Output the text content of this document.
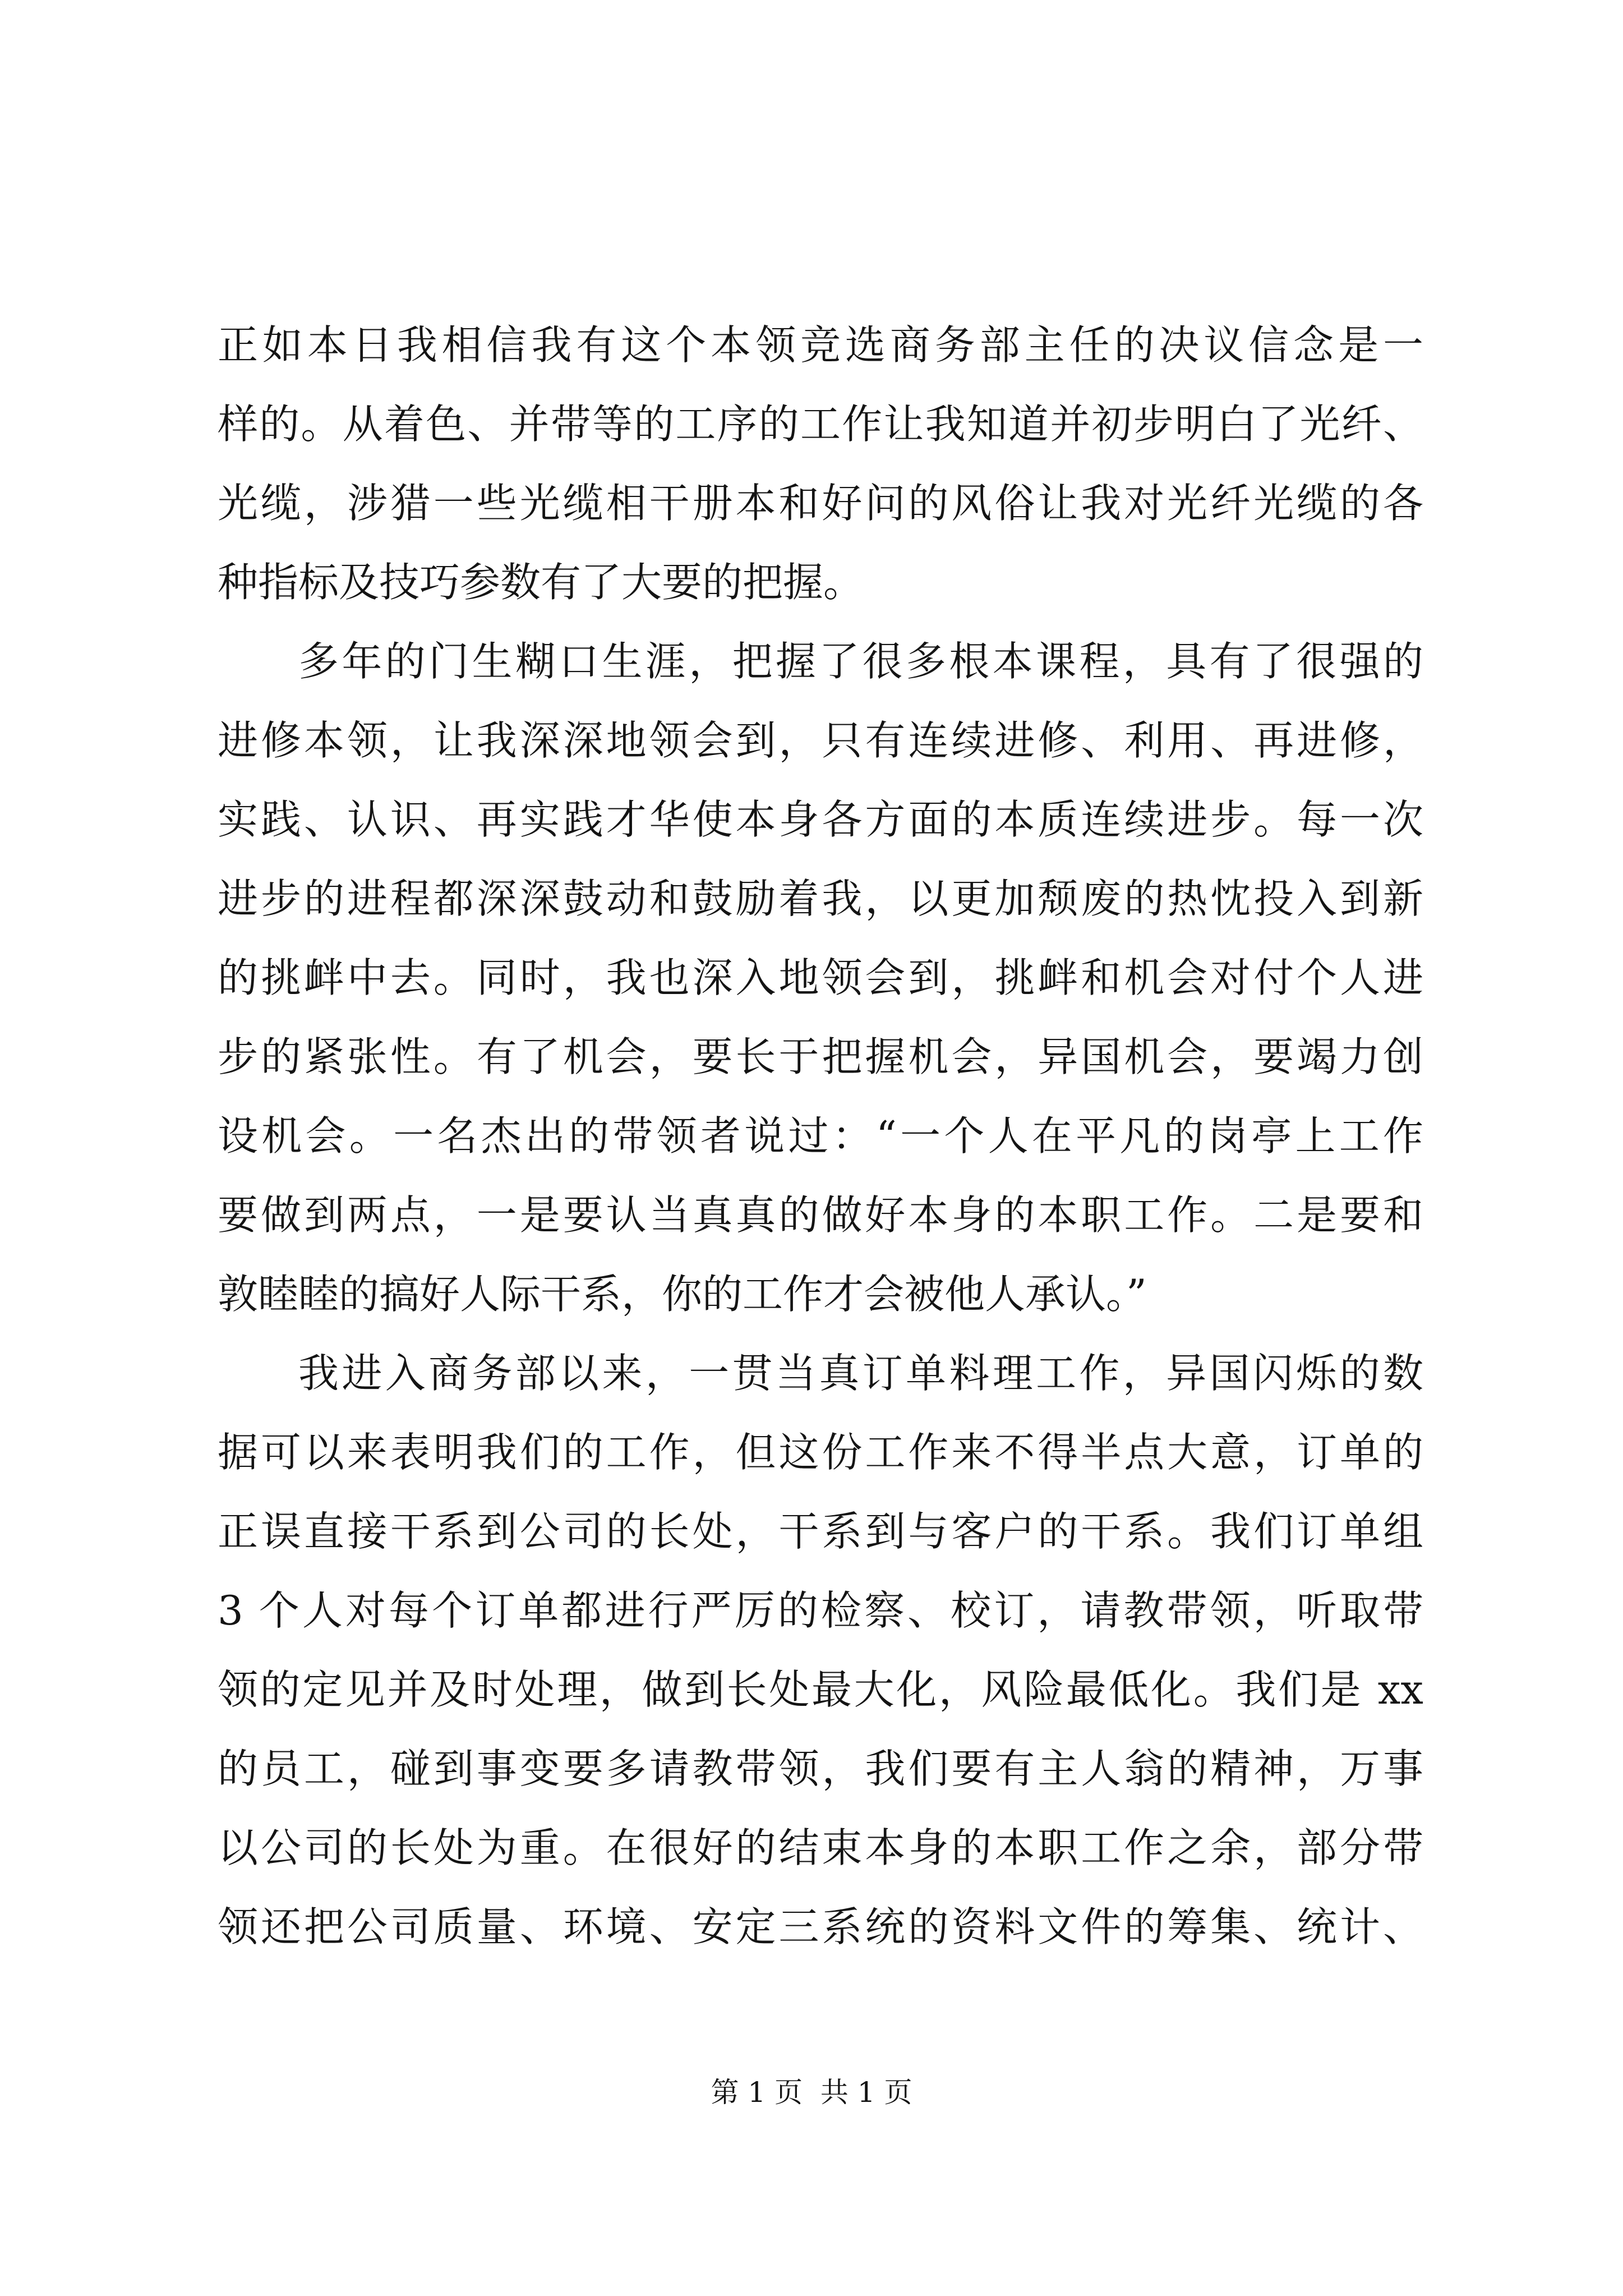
正如本日我相信我有这个本领竞选商务部主任的决议信念是一
样的。从着色、并带等的工序的工作让我知道并初步明白了光纤、
光缆，涉猎一些光缆相干册本和好问的风俗让我对光纤光缆的各
种指标及技巧参数有了大要的把握。
多年的门生糊口生涯，把握了很多根本课程，具有了很强的
进修本领，让我深深地领会到，只有连续进修、利用、再进修，
实践、认识、再实践才华使本身各方面的本质连续进步。每一次
进步的进程都深深鼓动和鼓励着我，以更加颓废的热忱投入到新
的挑衅中去。同时，我也深入地领会到，挑衅和机会对付个人进
步的紧张性。有了机会，要长于把握机会，异国机会，要竭力创
设机会。一名杰出的带领者说过：“一个人在平凡的岗亭上工作
要做到两点，一是要认当真真的做好本身的本职工作。二是要和
敦睦睦的搞好人际干系，你的工作才会被他人承认。”
我进入商务部以来，一贯当真订单料理工作，异国闪烁的数
据可以来表明我们的工作，但这份工作来不得半点大意，订单的
正误直接干系到公司的长处，干系到与客户的干系。我们订单组
3 个人对每个订单都进行严厉的检察、校订，请教带领，听取带
领的定见并及时处理，做到长处最大化，风险最低化。我们是 xx
的员工，碰到事变要多请教带领，我们要有主人翁的精神，万事
以公司的长处为重。在很好的结束本身的本职工作之余，部分带
领还把公司质量、环境、安定三系统的资料文件的筹集、统计、
第 1 页  共 1 页
